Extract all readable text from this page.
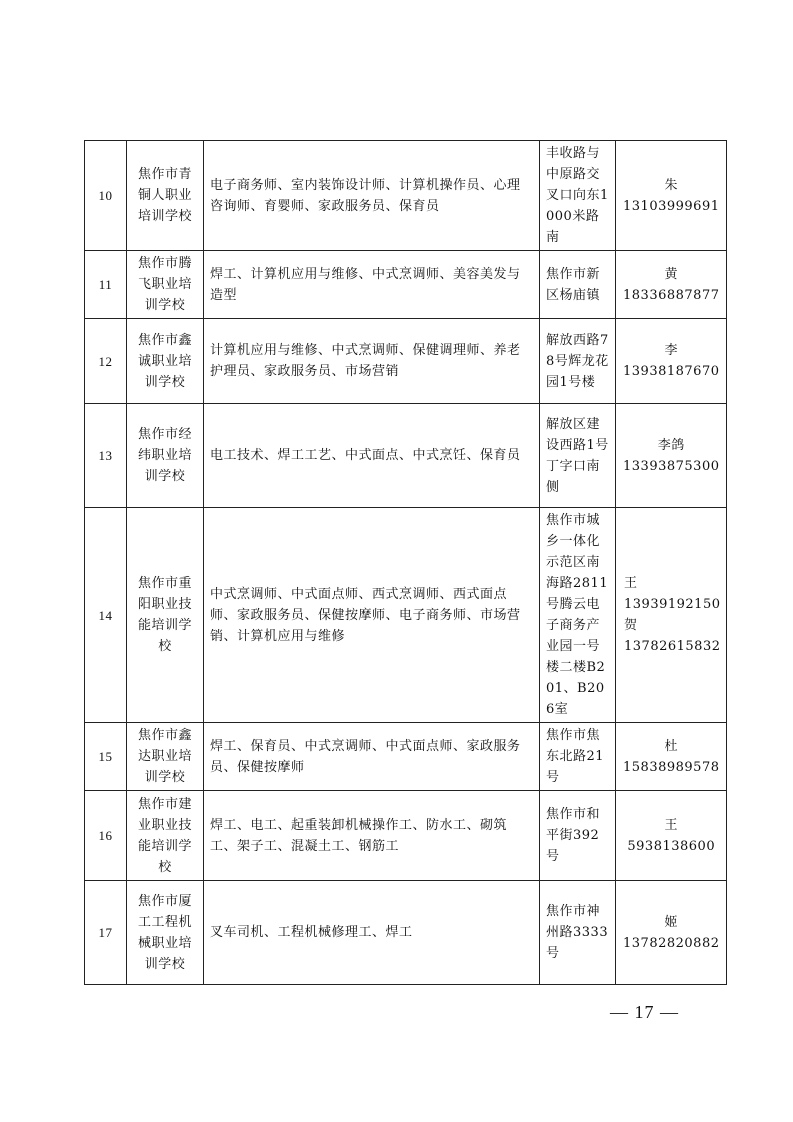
10	焦作市青铜人职业培训学校	电子商务师、室内装饰设计师、计算机操作员、心理咨询师、育婴师、家政服务员、保育员	丰收路与中原路交叉口向东1000米路南	朱
13103999691

11	焦作市腾飞职业培训学校	焊工、计算机应用与维修、中式烹调师、美容美发与造型	焦作市新区杨庙镇	黄
18336887877

12	焦作市鑫诚职业培训学校	计算机应用与维修、中式烹调师、保健调理师、养老护理员、家政服务员、市场营销	解放西路78号辉龙花园1号楼	李
13938187670

13	焦作市经纬职业培训学校	电工技术、焊工工艺、中式面点、中式烹饪、保育员	解放区建设西路1号丁字口南侧	李鸽
13393875300

14	焦作市重阳职业技能培训学校	中式烹调师、中式面点师、西式烹调师、西式面点师、家政服务员、保健按摩师、电子商务师、市场营销、计算机应用与维修	焦作市城乡一体化示范区南海路2811号腾云电子商务产业园一号楼二楼B201、B206室	王
13939192150
贺
13782615832

15	焦作市鑫达职业培训学校	焊工、保育员、中式烹调师、中式面点师、家政服务员、保健按摩师	焦作市焦东北路21号	杜
15838989578

16	焦作市建业职业技能培训学校	焊工、电工、起重装卸机械操作工、防水工、砌筑工、架子工、混凝土工、钢筋工	焦作市和平街392号	王5938138600

17	焦作市厦工工程机械职业培训学校	叉车司机、工程机械修理工、焊工	焦作市神州路3333号	姬
13782820882
— 17 —
